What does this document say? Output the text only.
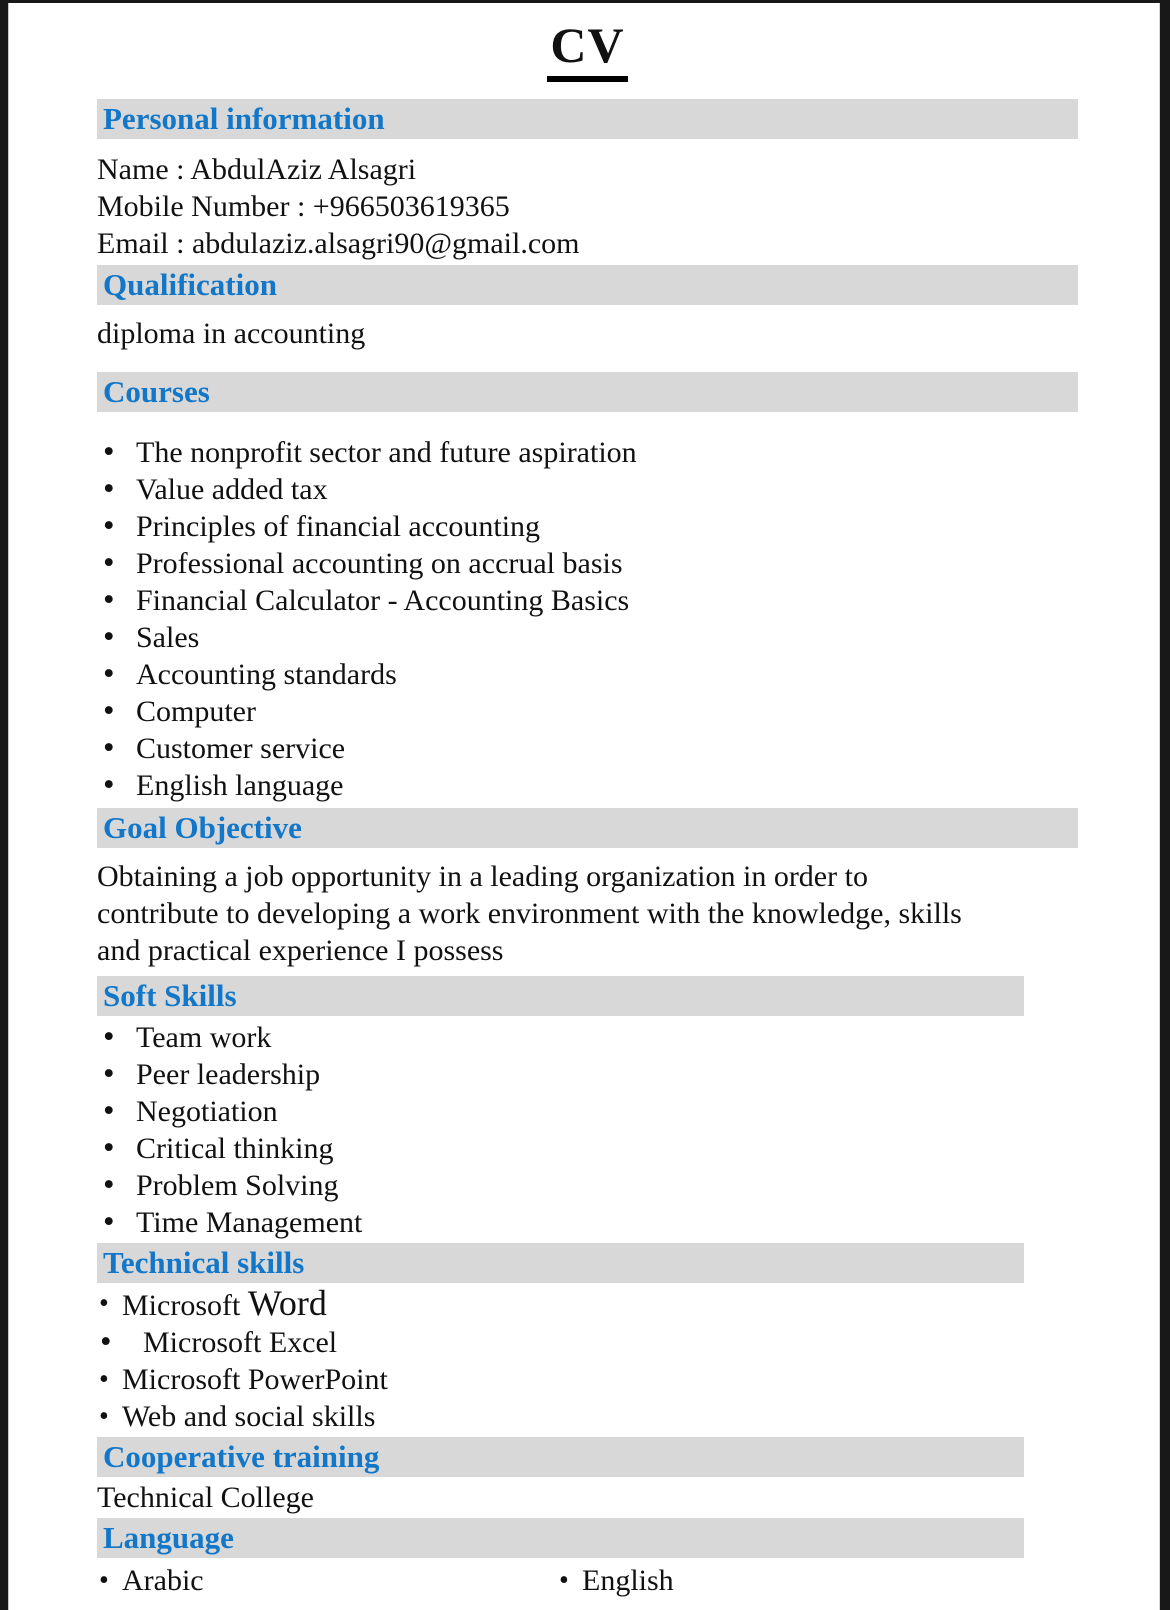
CV
Personal information
Name : AbdulAziz Alsagri
Mobile Number : +966503619365
Email : abdulaziz.alsagri90@gmail.com
Qualification
diploma in accounting
Courses
• The nonprofit sector and future aspiration
• Value added tax
• Principles of financial accounting
• Professional accounting on accrual basis
• Financial Calculator - Accounting Basics
• Sales
• Accounting standards
• Computer
• Customer service
• English language
Goal Objective
Obtaining a job opportunity in a leading organization in order to
contribute to developing a work environment with the knowledge, skills
and practical experience I possess
Soft Skills
• Team work
• Peer leadership
• Negotiation
• Critical thinking
• Problem Solving
• Time Management
Technical skills
• Microsoft Word
•	Microsoft Excel
• Microsoft PowerPoint
• Web and social skills
Cooperative training
Technical College
Language
• Arabic	• English
